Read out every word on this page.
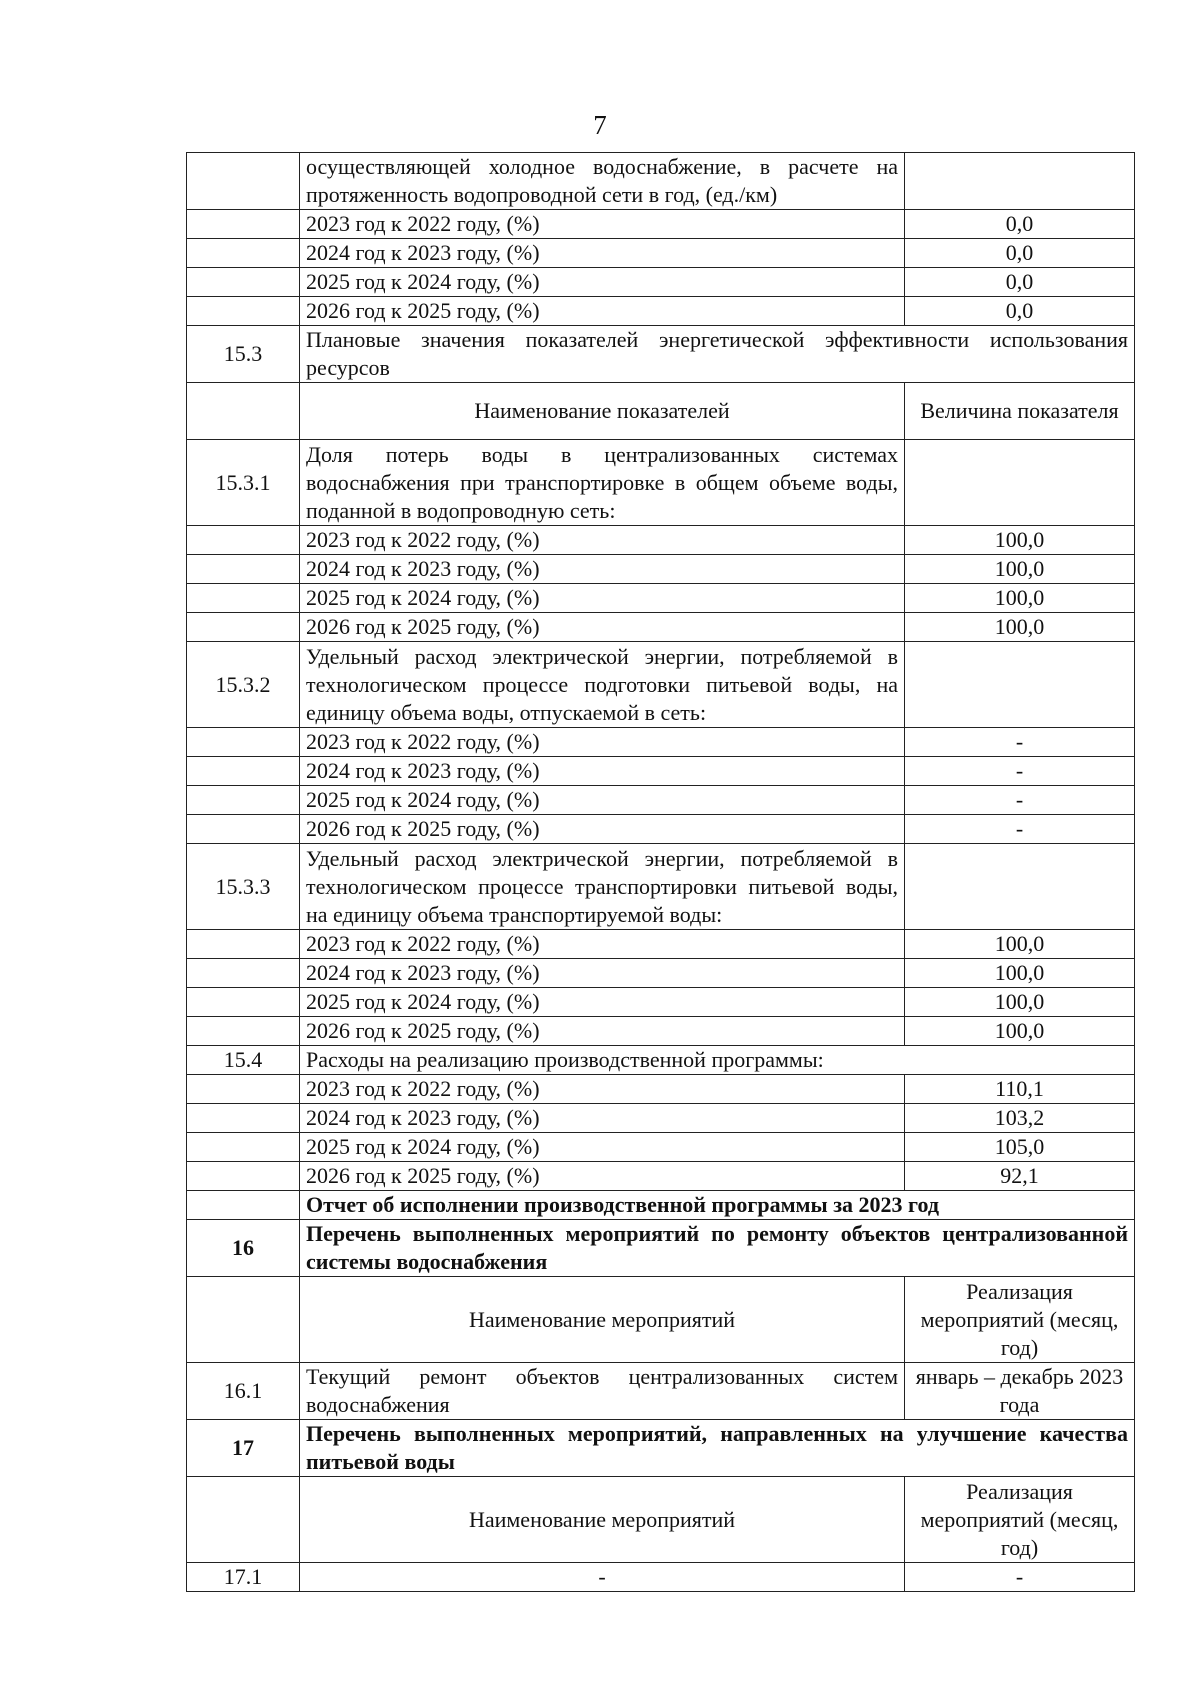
7
	осуществляющей холодное водоснабжение, в расчете на протяженность водопроводной сети в год, (ед./км)	
	2023 год к 2022 году, (%)	0,0
	2024 год к 2023 году, (%)	0,0
	2025 год к 2024 году, (%)	0,0
	2026 год к 2025 году, (%)	0,0
15.3	Плановые значения показателей энергетической эффективности использования ресурсов	
	Наименование показателей	Величина показателя
15.3.1	Доля потерь воды в централизованных системах водоснабжения при транспортировке в общем объеме воды, поданной в водопроводную сеть:	
	2023 год к 2022 году, (%)	100,0
	2024 год к 2023 году, (%)	100,0
	2025 год к 2024 году, (%)	100,0
	2026 год к 2025 году, (%)	100,0
15.3.2	Удельный расход электрической энергии, потребляемой в технологическом процессе подготовки питьевой воды, на единицу объема воды, отпускаемой в сеть:	
	2023 год к 2022 году, (%)	-
	2024 год к 2023 году, (%)	-
	2025 год к 2024 году, (%)	-
	2026 год к 2025 году, (%)	-
15.3.3	Удельный расход электрической энергии, потребляемой в технологическом процессе транспортировки питьевой воды, на единицу объема транспортируемой воды:	
	2023 год к 2022 году, (%)	100,0
	2024 год к 2023 году, (%)	100,0
	2025 год к 2024 году, (%)	100,0
	2026 год к 2025 году, (%)	100,0
15.4	Расходы на реализацию производственной программы:	
	2023 год к 2022 году, (%)	110,1
	2024 год к 2023 году, (%)	103,2
	2025 год к 2024 году, (%)	105,0
	2026 год к 2025 году, (%)	92,1
	Отчет об исполнении производственной программы за 2023 год	
16	Перечень выполненных мероприятий по ремонту объектов централизованной системы водоснабжения	
	Наименование мероприятий	Реализация мероприятий (месяц, год)
16.1	Текущий ремонт объектов централизованных систем водоснабжения	январь – декабрь 2023 года
17	Перечень выполненных мероприятий, направленных на улучшение качества питьевой воды	
	Наименование мероприятий	Реализация мероприятий (месяц, год)
17.1	-	-
